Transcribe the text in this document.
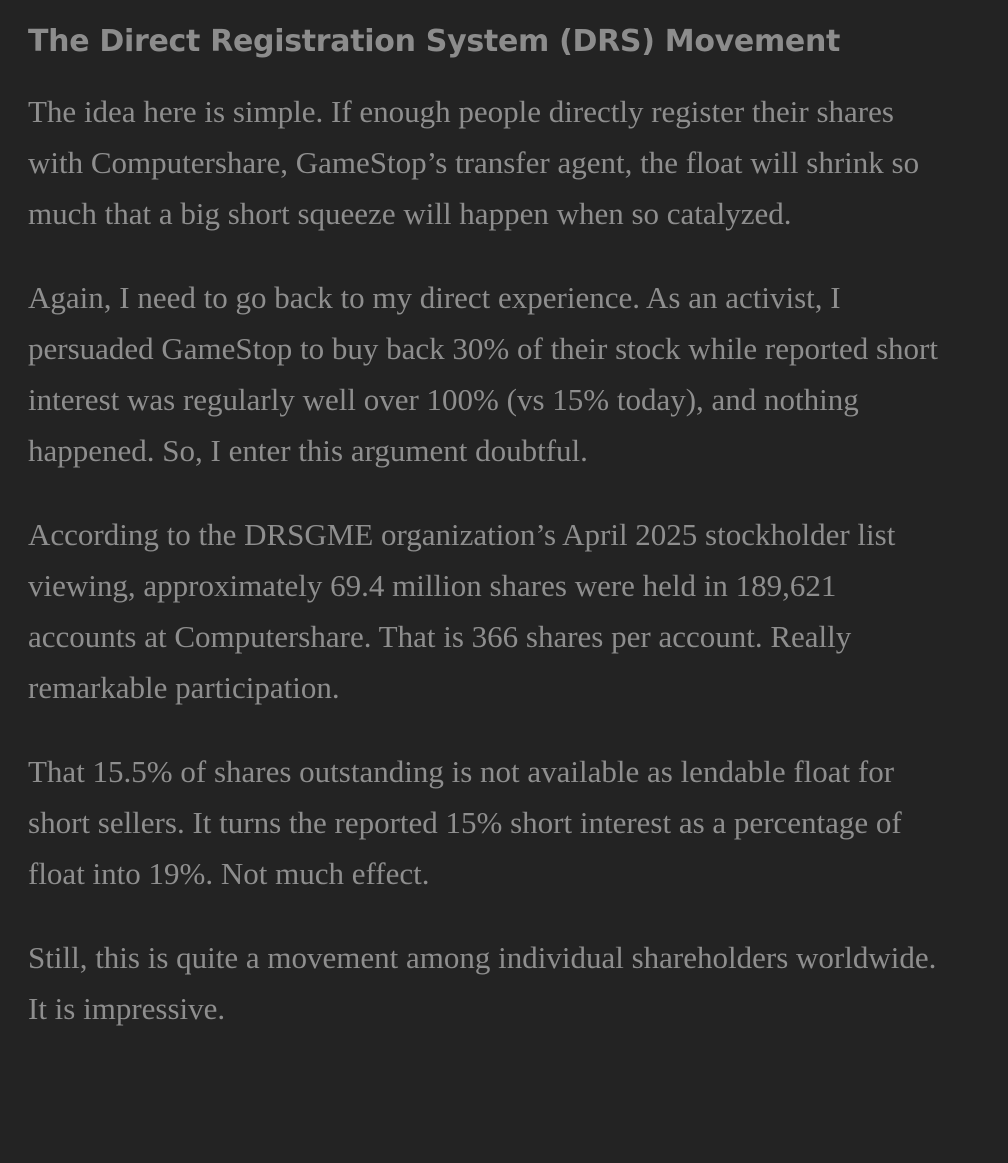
The Direct Registration System (DRS) Movement

The idea here is simple. If enough people directly register their shares with Computershare, GameStop’s transfer agent, the float will shrink so much that a big short squeeze will happen when so catalyzed.

Again, I need to go back to my direct experience. As an activist, I persuaded GameStop to buy back 30% of their stock while reported short interest was regularly well over 100% (vs 15% today), and nothing happened. So, I enter this argument doubtful.

According to the DRSGME organization’s April 2025 stockholder list viewing, approximately 69.4 million shares were held in 189,621 accounts at Computershare. That is 366 shares per account. Really remarkable participation.

That 15.5% of shares outstanding is not available as lendable float for short sellers. It turns the reported 15% short interest as a percentage of float into 19%. Not much effect.

Still, this is quite a movement among individual shareholders worldwide. It is impressive.
